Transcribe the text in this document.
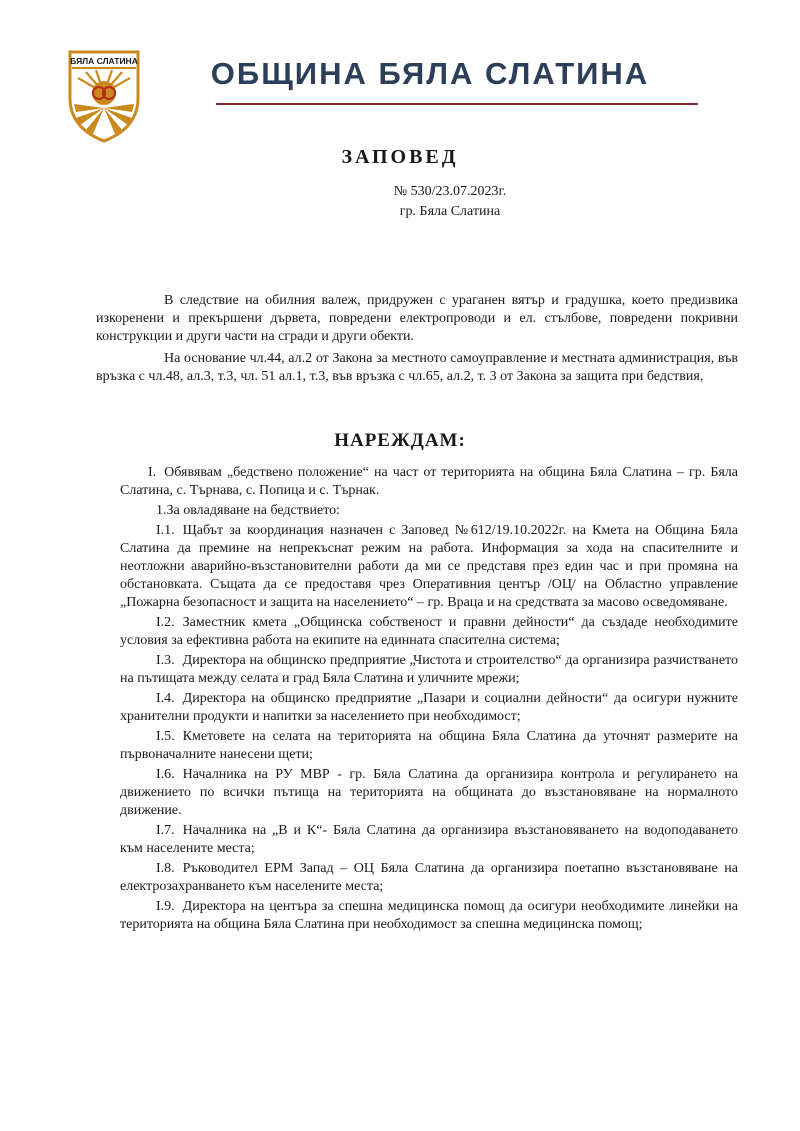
БЯЛА СЛАТИНА	ОБЩИНА БЯЛА СЛАТИНА
ЗАПОВЕД
№ 530/23.07.2023г.
гр. Бяла Слатина
В следствие на обилния валеж, придружен с ураганен вятър и градушка, което предизвика изкоренени и прекършени дървета, повредени електропроводи и ел. стълбове, повредени покривни конструкции и други части на сгради и други обекти.
На основание чл.44, ал.2 от Закона за местното самоуправление и местната администрация, във връзка с чл.48, ал.3, т.3, чл. 51 ал.1, т.3, във връзка с чл.65, ал.2, т. 3 от Закона за защита при бедствия,
НАРЕЖДАМ:
I. Обявявам „бедствено положение“ на част от територията на община Бяла Слатина – гр. Бяла Слатина, с. Търнава, с. Попица и с. Търнак.
1.За овладяване на бедствието:
I.1. Щабът за координация назначен с Заповед №612/19.10.2022г. на Кмета на Община Бяла Слатина да премине на непрекъснат режим на работа. Информация за хода на спасителните и неотложни аварийно-възстановителни работи да ми се представя през един час и при промяна на обстановката. Същата да се предоставя чрез Оперативния център /ОЦ/ на Областно управление „Пожарна безопасност и защита на населението“ – гр. Враца и на средствата за масово осведомяване.
I.2. Заместник кмета „Общинска собственост и правни дейности“ да създаде необходимите условия за ефективна работа на екипите на единната спасителна система;
I.3. Директора на общинско предприятие „Чистота и строителство“ да организира разчистването на пътищата между селата и град Бяла Слатина и уличните мрежи;
I.4. Директора на общинско предприятие „Пазари и социални дейности“ да осигури нужните хранителни продукти и напитки за населението при необходимост;
I.5. Кметовете на селата на територията на община Бяла Слатина да уточнят размерите на първоначалните нанесени щети;
I.6. Началника на РУ МВР - гр. Бяла Слатина да организира контрола и регулирането на движението по всички пътища на територията на общината до възстановяване на нормалното движение.
I.7. Началника на „В и К“- Бяла Слатина да организира възстановяването на водоподаването към населените места;
I.8. Ръководител ЕРМ Запад – ОЦ Бяла Слатина да организира поетапно възстановяване на електрозахранването към населените места;
I.9. Директора на центъра за спешна медицинска помощ да осигури необходимите линейки на територията на община Бяла Слатина при необходимост за спешна медицинска помощ;
